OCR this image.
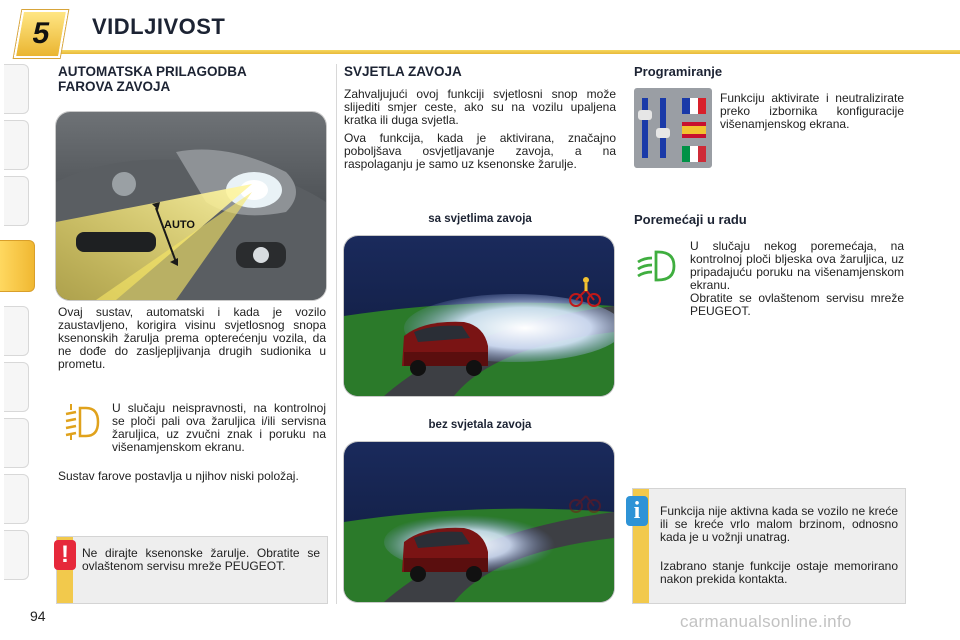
5	VIDLJIVOST
AUTOMATSKA PRILAGODBA
FAROVA ZAVOJA
AUTO
Ovaj sustav, automatski i kada je vozilo zaustavljeno, korigira visinu svjetlosnog snopa ksenonskih žarulja prema opterećenju vozila, da ne dođe do zasljepljivanja drugih sudionika u prometu.
U slučaju neispravnosti, na kontrolnoj se ploči pali ova žaruljica i/ili servisna žaruljica, uz zvučni znak i poruku na višenamjenskom ekranu.
Sustav farove postavlja u njihov niski položaj.
!	Ne dirajte ksenonske žarulje. Obratite se ovlaštenom servisu mreže PEUGEOT.
SVJETLA ZAVOJA
Zahvaljujući ovoj funkciji svjetlosni snop može slijediti smjer ceste, ako su na vozilu upaljena kratka ili duga svjetla.
Ova funkcija, kada je aktivirana, značajno poboljšava osvjetljavanje zavoja, a na raspolaganju je samo uz ksenonske žarulje.
sa svjetlima zavoja
bez svjetala zavoja
Programiranje
Funkciju aktivirate i neutralizirate preko izbornika konfiguracije višenamjenskog ekrana.
Poremećaji u radu
U slučaju nekog poremećaja, na kontrolnoj ploči bljeska ova žaruljica, uz pripadajuću poruku na višenamjenskom ekranu.
Obratite se ovlaštenom servisu mreže PEUGEOT.
i	Funkcija nije aktivna kada se vozilo ne kreće ili se kreće vrlo malom brzinom, odnosno kada je u vožnji unatrag.
Izabrano stanje funkcije ostaje memorirano nakon prekida kontakta.
94	carmanualsonline.info
